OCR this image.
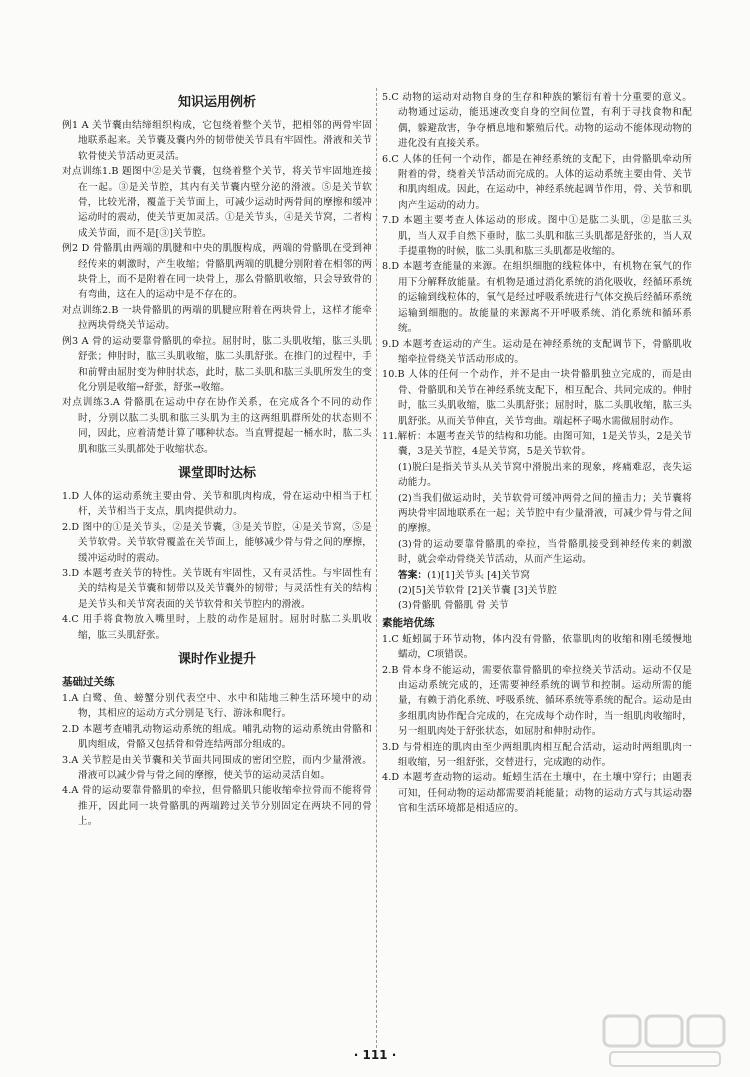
知识运用例析

例1 A 关节囊由结缔组织构成，它包绕着整个关节，把相邻的两骨牢固地联系起来。关节囊及囊内外的韧带使关节具有牢固性。滑液和关节软骨使关节活动更灵活。

对点训练1.B 题图中②是关节囊，包绕着整个关节，将关节牢固地连接在一起。③是关节腔，其内有关节囊内壁分泌的滑液。⑤是关节软骨，比较光滑，覆盖于关节面上，可减少运动时两骨间的摩擦和缓冲运动时的震动，使关节更加灵活。①是关节头，④是关节窝，二者构成关节面，而不是[③]关节腔。

例2 D 骨骼肌由两端的肌腱和中央的肌腹构成，两端的骨骼肌在受到神经传来的刺激时，产生收缩；骨骼肌两端的肌腱分别附着在相邻的两块骨上，而不是附着在同一块骨上，那么骨骼肌收缩，只会导致骨的有弯曲，这在人的运动中是不存在的。

对点训练2.B 一块骨骼肌的两端的肌腱应附着在两块骨上，这样才能牵拉两块骨绕关节运动。

例3 A 骨的运动要靠骨骼肌的牵拉。屈肘时，肱二头肌收缩，肱三头肌舒张；伸肘时，肱三头肌收缩，肱二头肌舒张。在推门的过程中，手和前臂由屈肘变为伸肘状态，此时，肱二头肌和肱三头肌所发生的变化分别是收缩→舒张，舒张→收缩。

对点训练3.A 骨骼肌在运动中存在协作关系，在完成各个不同的动作时，分别以肱二头肌和肱三头肌为主的这两组肌群所处的状态则不同，因此，应着清楚计算了哪种状态。当直臂提起一桶水时，肱二头肌和肱三头肌都处于收缩状态。

课堂即时达标

1.D 人体的运动系统主要由骨、关节和肌肉构成，骨在运动中相当于杠杆，关节相当于支点，肌肉提供动力。

2.D 图中的①是关节头，②是关节囊，③是关节腔，④是关节窝，⑤是关节软骨。关节软骨覆盖在关节面上，能够减少骨与骨之间的摩擦，缓冲运动时的震动。

3.D 本题考查关节的特性。关节既有牢固性，又有灵活性。与牢固性有关的结构是关节囊和韧带以及关节囊外的韧带；与灵活性有关的结构是关节头和关节窝表面的关节软骨和关节腔内的滑液。

4.C 用手将食物放入嘴里时，上肢的动作是屈肘。屈肘时肱二头肌收缩，肱三头肌舒张。

课时作业提升
基础过关练

1.A 白鹭、鱼、螃蟹分别代表空中、水中和陆地三种生活环境中的动物，其相应的运动方式分别是飞行、游泳和爬行。

2.D 本题考查哺乳动物运动系统的组成。哺乳动物的运动系统由骨骼和肌肉组成，骨骼又包括骨和骨连结两部分组成的。

3.A 关节腔是由关节囊和关节面共同围成的密闭空腔，而内少量滑液。滑液可以减少骨与骨之间的摩擦，使关节的运动灵活自如。

4.A 骨的运动要靠骨骼肌的牵拉，但骨骼肌只能收缩牵拉骨而不能将骨推开，因此同一块骨骼肌的两端跨过关节分别固定在两块不同的骨上。

5.C 动物的运动对动物自身的生存和种族的繁衍有着十分重要的意义。动物通过运动，能迅速改变自身的空间位置，有利于寻找食物和配偶，躲避敌害，争夺栖息地和繁殖后代。动物的运动不能体现动物的进化没有直接关系。

6.C 人体的任何一个动作，都是在神经系统的支配下，由骨骼肌牵动所附着的骨，绕着关节活动而完成的。人体的运动系统主要由骨、关节和肌肉组成。因此，在运动中，神经系统起调节作用，骨、关节和肌肉产生运动的动力。

7.D 本题主要考查人体运动的形成。图中①是肱二头肌，②是肱三头肌，当人双手自然下垂时，肱二头肌和肱三头肌都是舒张的，当人双手提重物的时候，肱二头肌和肱三头肌都是收缩的。

8.D 本题考查能量的来源。在组织细胞的线粒体中，有机物在氧气的作用下分解释放能量。有机物是通过消化系统的消化吸收，经循环系统的运输到线粒体的，氧气是经过呼吸系统进行气体交换后经循环系统运输到细胞的。故能量的来源离不开呼吸系统、消化系统和循环系统。

9.D 本题考查运动的产生。运动是在神经系统的支配调节下，骨骼肌收缩牵拉骨绕关节活动形成的。

10.B 人体的任何一个动作，并不是由一块骨骼肌独立完成的，而是由骨、骨骼肌和关节在神经系统支配下，相互配合、共同完成的。伸肘时，肱三头肌收缩，肱二头肌舒张；屈肘时，肱二头肌收缩，肱三头肌舒张。从而关节伸直，关节弯曲。端起杯子喝水需做屈肘动作。

11.解析：本题考查关节的结构和功能。由图可知，1是关节头，2是关节囊，3是关节腔，4是关节窝，5是关节软骨。

(1)脱臼是指关节头从关节窝中滑脱出来的现象，疼痛难忍，丧失运动能力。

(2)当我们做运动时，关节软骨可缓冲两骨之间的撞击力；关节囊将两块骨牢固地联系在一起；关节腔中有少量滑液，可减少骨与骨之间的摩擦。

(3)骨的运动要靠骨骼肌的牵拉，当骨骼肌接受到神经传来的刺激时，就会牵动骨绕关节活动，从而产生运动。

答案：(1)[1]关节头 [4]关节窝

(2)[5]关节软骨 [2]关节囊 [3]关节腔

(3)骨骼肌 骨骼肌 骨 关节

素能培优练

1.C 蚯蚓属于环节动物，体内没有骨骼，依靠肌肉的收缩和刚毛缓慢地蠕动，C项错误。

2.B 骨本身不能运动，需要依靠骨骼肌的牵拉绕关节活动。运动不仅是由运动系统完成的，还需要神经系统的调节和控制。运动所需的能量，有赖于消化系统、呼吸系统、循环系统等系统的配合。运动是由多组肌肉协作配合完成的，在完成每个动作时，当一组肌肉收缩时，另一组肌肉处于舒张状态，如屈肘和伸肘动作。

3.D 与骨相连的肌肉由至少两组肌肉相互配合活动，运动时两组肌肉一组收缩，另一组舒张，交替进行，完成跑的动作。

4.D 本题考查动物的运动。蚯蚓生活在土壤中，在土壤中穿行；由题表可知，任何动物的运动都需要消耗能量；动物的运动方式与其运动器官和生活环境都是相适应的。

· 111 ·
